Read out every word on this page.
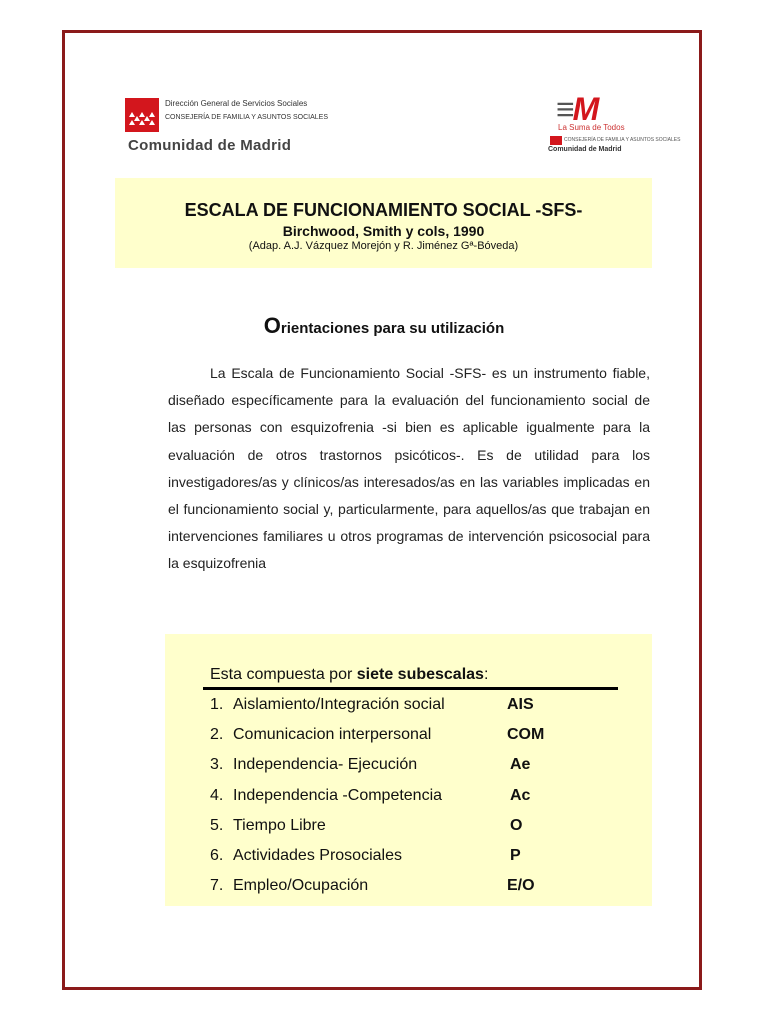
Dirección General de Servicios Sociales
CONSEJERÍA DE FAMILIA Y ASUNTOS SOCIALES
Comunidad de Madrid
≡M
La Suma de Todos
CONSEJERÍA DE FAMILIA Y ASUNTOS SOCIALES
Comunidad de Madrid
ESCALA DE FUNCIONAMIENTO SOCIAL -SFS-
Birchwood, Smith y cols, 1990
(Adap. A.J. Vázquez Morejón y R. Jiménez Gª-Bóveda)
Orientaciones para su utilización
La Escala de Funcionamiento Social -SFS- es un instrumento fiable, diseñado específicamente para la evaluación del funcionamiento social de las personas con esquizofrenia -si bien es aplicable igualmente para la evaluación de otros trastornos psicóticos-. Es de utilidad para los investigadores/as y clínicos/as interesados/as en las variables implicadas en el funcionamiento social y, particularmente, para aquellos/as que trabajan en intervenciones familiares u otros programas de intervención psicosocial para la esquizofrenia
Esta compuesta por siete subescalas:
1. Aislamiento/Integración social	AIS
2. Comunicacion interpersonal	COM
3. Independencia- Ejecución	Ae
4. Independencia -Competencia	Ac
5. Tiempo Libre	O
6. Actividades Prosociales	P
7. Empleo/Ocupación	E/O
